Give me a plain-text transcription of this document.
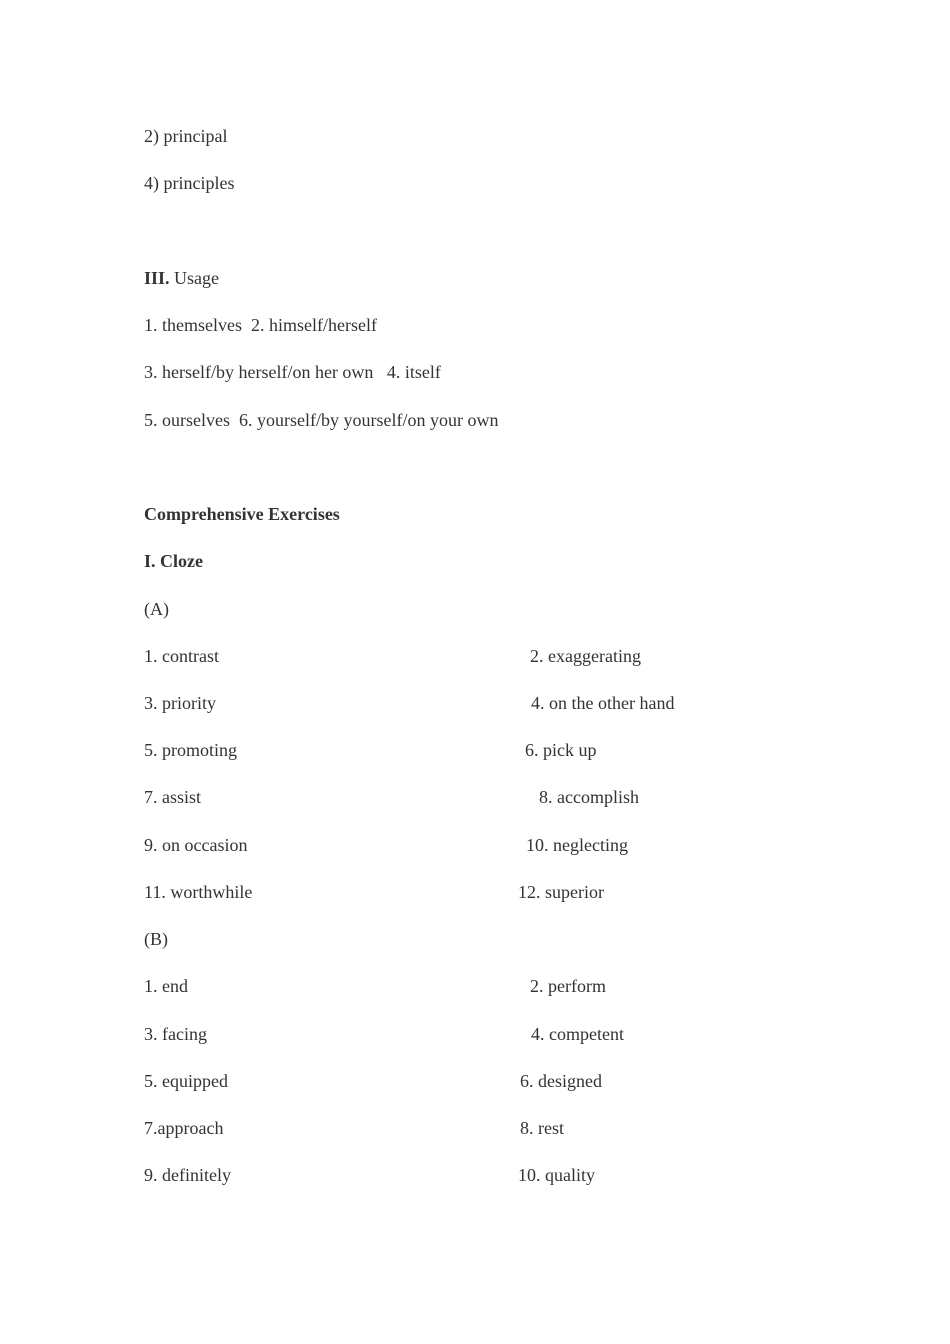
2) principal
4) principles
III. Usage
1. themselves  2. himself/herself
3. herself/by herself/on her own   4. itself
5. ourselves  6. yourself/by yourself/on your own
Comprehensive Exercises
I. Cloze
(A)
1. contrast	2. exaggerating
3. priority	4. on the other hand
5. promoting	6. pick up
7. assist	8. accomplish
9. on occasion	10. neglecting
11. worthwhile	12. superior
(B)
1. end	2. perform
3. facing	4. competent
5. equipped	6. designed
7.approach	8. rest
9. definitely	10. quality
